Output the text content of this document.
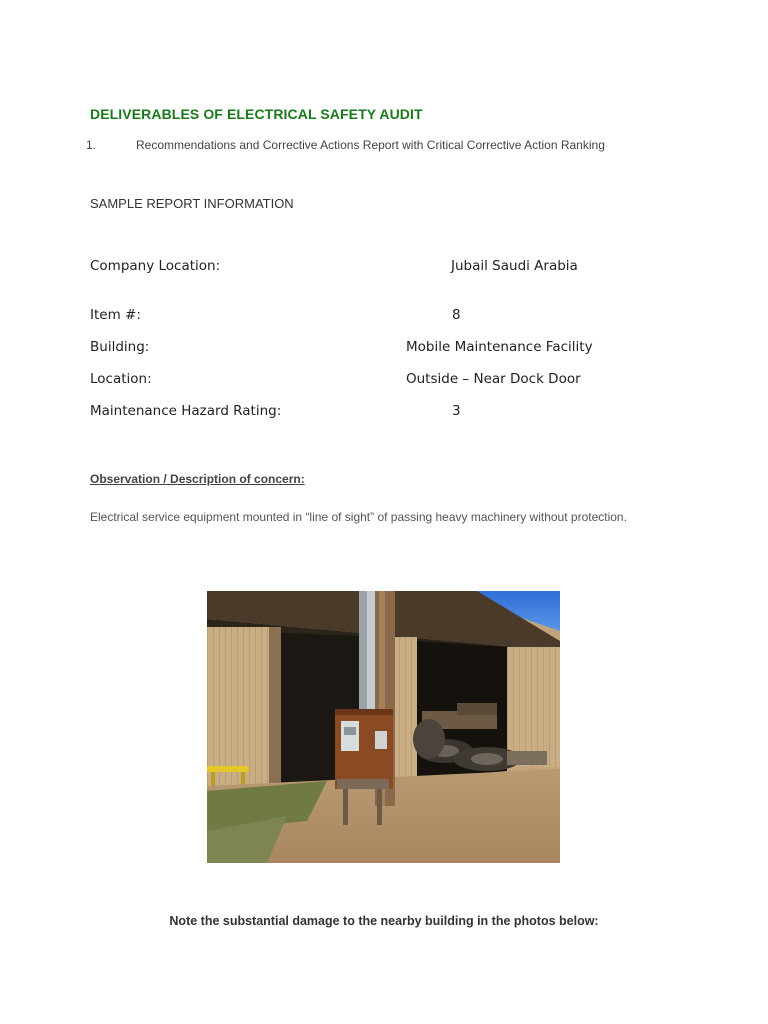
DELIVERABLES OF ELECTRICAL SAFETY AUDIT
1.	Recommendations and Corrective Actions Report with Critical Corrective Action Ranking
SAMPLE REPORT INFORMATION
Company Location:	Jubail Saudi Arabia
Item #:	8
Building:	Mobile Maintenance Facility
Location:	Outside – Near Dock Door
Maintenance Hazard Rating:	3
Observation / Description of concern:
Electrical service equipment mounted in “line of sight” of passing heavy machinery without protection.
Note the substantial damage to the nearby building in the photos below:
